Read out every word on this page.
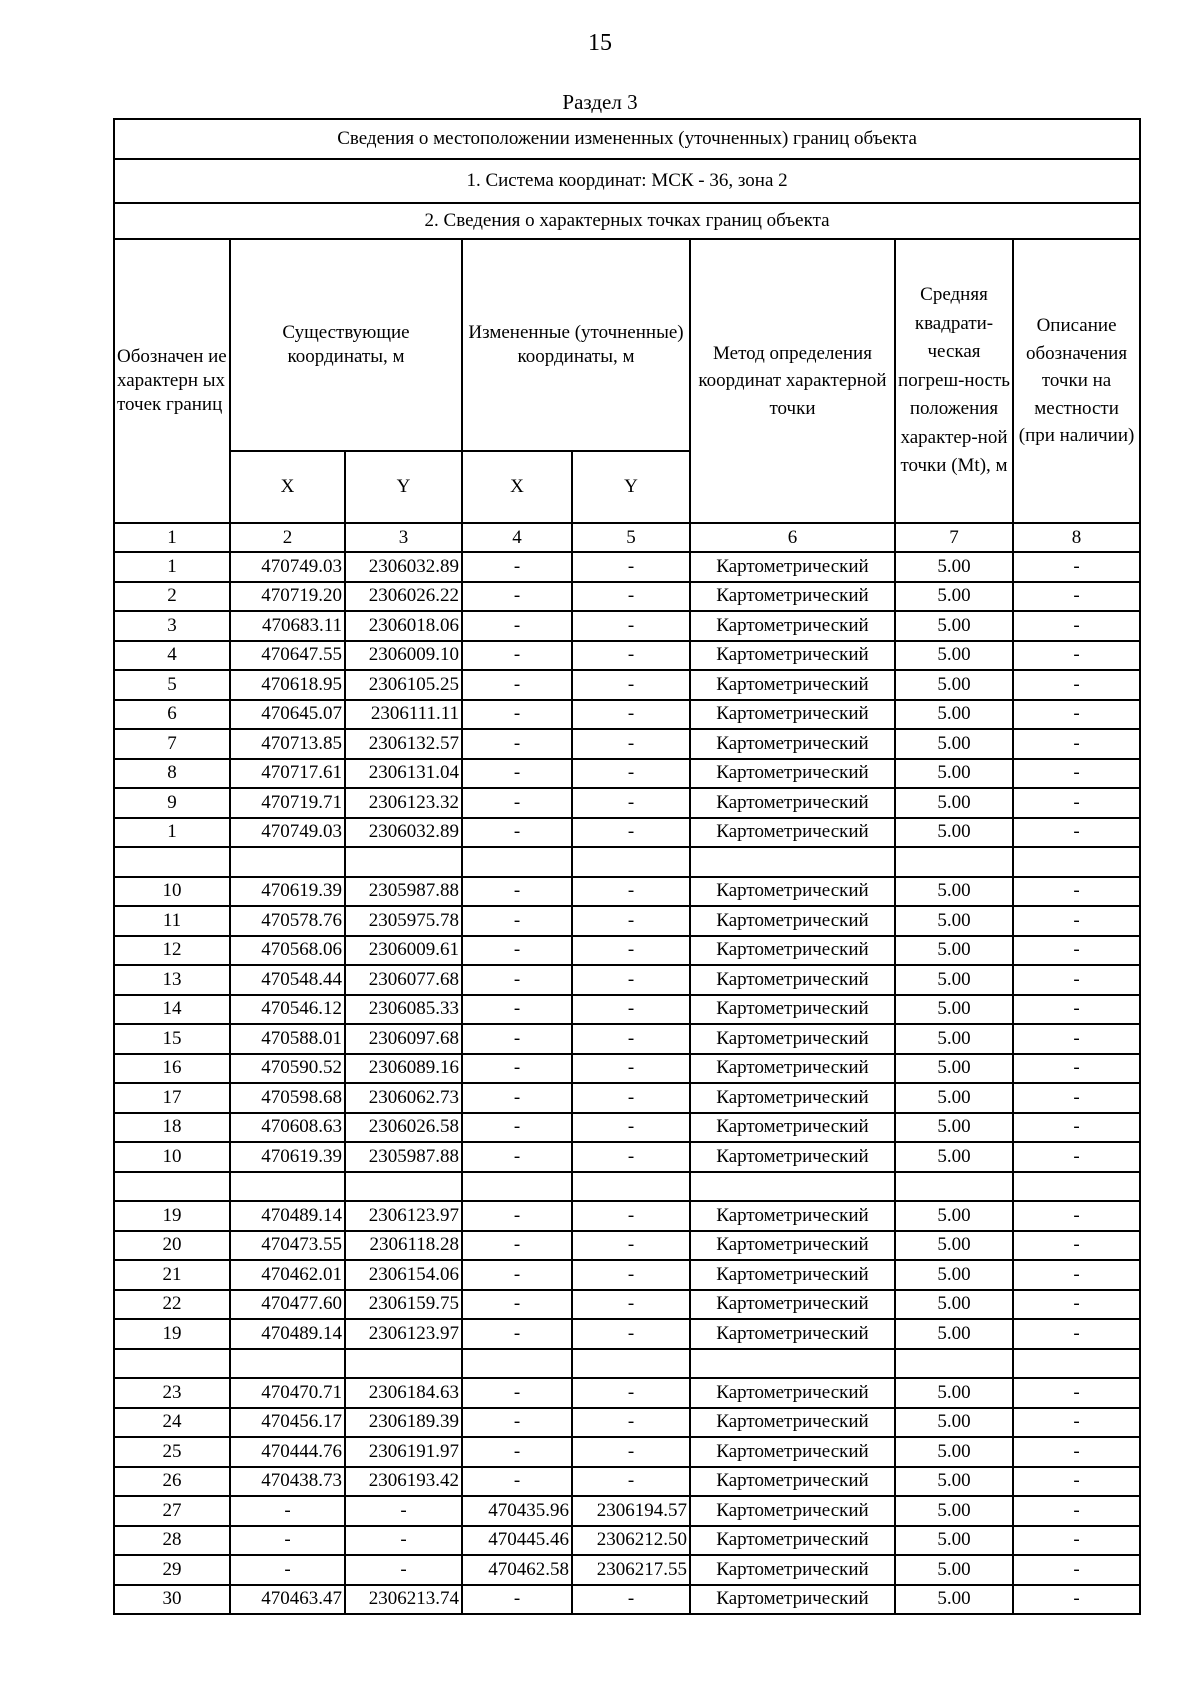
15
Раздел 3
Сведения о местоположении измененных (уточненных) границ объекта							
1. Система координат: МСК - 36, зона 2							
2. Сведения о характерных точках границ объекта							
Обозначен ие характерн ых точек границ	Существующие координаты, м		Измененные (уточненные) координаты, м		Метод определения координат характерной точки	Средняя квадрати-ческая погреш-ность положения характер-ной точки (Mt), м	Описание обозначения точки на местности (при наличии)
	X	Y	X	Y			
1	2	3	4	5	6	7	8
1	470749.03	2306032.89	-	-	Картометрический	5.00	-
2	470719.20	2306026.22	-	-	Картометрический	5.00	-
3	470683.11	2306018.06	-	-	Картометрический	5.00	-
4	470647.55	2306009.10	-	-	Картометрический	5.00	-
5	470618.95	2306105.25	-	-	Картометрический	5.00	-
6	470645.07	2306111.11	-	-	Картометрический	5.00	-
7	470713.85	2306132.57	-	-	Картометрический	5.00	-
8	470717.61	2306131.04	-	-	Картометрический	5.00	-
9	470719.71	2306123.32	-	-	Картометрический	5.00	-
1	470749.03	2306032.89	-	-	Картометрический	5.00	-

10	470619.39	2305987.88	-	-	Картометрический	5.00	-
11	470578.76	2305975.78	-	-	Картометрический	5.00	-
12	470568.06	2306009.61	-	-	Картометрический	5.00	-
13	470548.44	2306077.68	-	-	Картометрический	5.00	-
14	470546.12	2306085.33	-	-	Картометрический	5.00	-
15	470588.01	2306097.68	-	-	Картометрический	5.00	-
16	470590.52	2306089.16	-	-	Картометрический	5.00	-
17	470598.68	2306062.73	-	-	Картометрический	5.00	-
18	470608.63	2306026.58	-	-	Картометрический	5.00	-
10	470619.39	2305987.88	-	-	Картометрический	5.00	-

19	470489.14	2306123.97	-	-	Картометрический	5.00	-
20	470473.55	2306118.28	-	-	Картометрический	5.00	-
21	470462.01	2306154.06	-	-	Картометрический	5.00	-
22	470477.60	2306159.75	-	-	Картометрический	5.00	-
19	470489.14	2306123.97	-	-	Картометрический	5.00	-

23	470470.71	2306184.63	-	-	Картометрический	5.00	-
24	470456.17	2306189.39	-	-	Картометрический	5.00	-
25	470444.76	2306191.97	-	-	Картометрический	5.00	-
26	470438.73	2306193.42	-	-	Картометрический	5.00	-
27	-	-	470435.96	2306194.57	Картометрический	5.00	-
28	-	-	470445.46	2306212.50	Картометрический	5.00	-
29	-	-	470462.58	2306217.55	Картометрический	5.00	-
30	470463.47	2306213.74	-	-	Картометрический	5.00	-
